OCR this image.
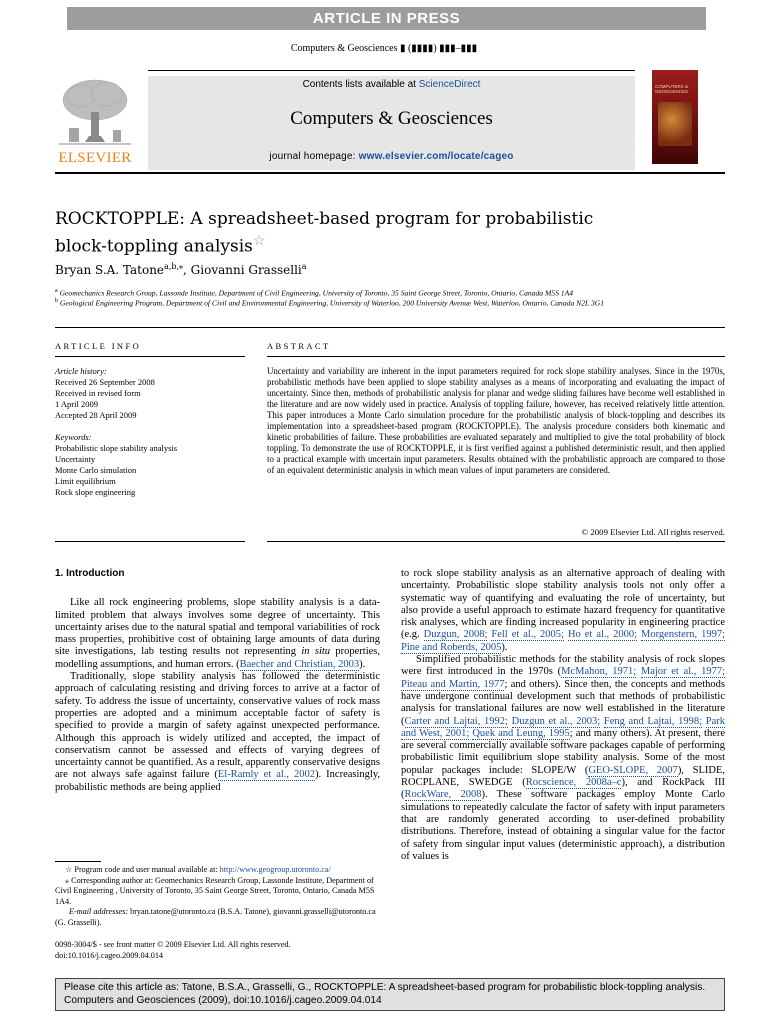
ARTICLE IN PRESS
Computers & Geosciences ▮ (▮▮▮▮) ▮▮▮–▮▮▮
ELSEVIER
Contents lists available at ScienceDirect
Computers & Geosciences
journal homepage: www.elsevier.com/locate/cageo
COMPUTERS & GEOSCIENCES
ROCKTOPPLE: A spreadsheet-based program for probabilistic
block-toppling analysis☆
Bryan S.A. Tatone$^{a,b,⁎}$, Giovanni Grasselli$^a$
$^a$ Geomechanics Research Group, Lassonde Institute, Department of Civil Engineering, University of Toronto, 35 Saint George Street, Toronto, Ontario, Canada M5S 1A4
$^b$ Geological Engineering Program, Department of Civil and Environmental Engineering, University of Waterloo, 200 University Avenue West, Waterloo, Ontario, Canada N2L 3G1
ARTICLE INFO	ABSTRACT
Article history:
Received 26 September 2008
Received in revised form
1 April 2009
Accepted 28 April 2009
Keywords:
Probabilistic slope stability analysis
Uncertainty
Monte Carlo simulation
Limit equilibrium
Rock slope engineering
Uncertainty and variability are inherent in the input parameters required for rock slope stability analyses. Since in the 1970s, probabilistic methods have been applied to slope stability analyses as a means of incorporating and evaluating the impact of uncertainty. Since then, methods of probabilistic analysis for planar and wedge sliding failures have become well established in the literature and are now widely used in practice. Analysis of toppling failure, however, has received relatively little attention. This paper introduces a Monte Carlo simulation procedure for the probabilistic analysis of block-toppling and describes its implementation into a spreadsheet-based program (ROCKTOPPLE). The analysis procedure considers both kinematic and kinetic probabilities of failure. These probabilities are evaluated separately and multiplied to give the total probability of block toppling. To demonstrate the use of ROCKTOPPLE, it is first verified against a published deterministic result, and then applied to a practical example with uncertain input parameters. Results obtained with the probabilistic approach are compared to those of an equivalent deterministic analysis in which mean values of input parameters are considered.
© 2009 Elsevier Ltd. All rights reserved.
1. Introduction
Like all rock engineering problems, slope stability analysis is a data-limited problem that always involves some degree of uncertainty. This uncertainty arises due to the natural spatial and temporal variabilities of rock mass properties, prohibitive cost of obtaining large amounts of data during site investigations, lab testing results not representing in situ properties, modelling assumptions, and human errors. (Baecher and Christian, 2003).
Traditionally, slope stability analysis has followed the deterministic approach of calculating resisting and driving forces to arrive at a factor of safety. To address the issue of uncertainty, conservative values of rock mass properties are adopted and a minimum acceptable factor of safety is specified to provide a margin of safety against unexpected performance. Although this approach is widely utilized and accepted, the impact of conservatism cannot be assessed and effects of varying degrees of uncertainty cannot be quantified. As a result, apparently conservative designs are not always safe against failure (El-Ramly et al., 2002). Increasingly, probabilistic methods are being applied
to rock slope stability analysis as an alternative approach of dealing with uncertainty. Probabilistic slope stability analysis tools not only offer a systematic way of quantifying and evaluating the role of uncertainty, but also provide a useful approach to estimate hazard frequency for quantitative risk analyses, which are finding increased popularity in engineering practice (e.g. Duzgun, 2008; Fell et al., 2005; Ho et al., 2000; Morgenstern, 1997; Pine and Roberds, 2005).
Simplified probabilistic methods for the stability analysis of rock slopes were first introduced in the 1970s (McMahon, 1971; Major et al., 1977; Piteau and Martin, 1977; and others). Since then, the concepts and methods have undergone continual development such that methods of probabilistic analysis for translational failures are now well established in the literature (Carter and Lajtai, 1992; Duzgun et al., 2003; Feng and Lajtai, 1998; Park and West, 2001; Quek and Leung, 1995; and many others). At present, there are several commercially available software packages capable of performing probabilistic limit equilibrium slope stability analysis. Some of the most popular packages include: SLOPE/W (GEO-SLOPE, 2007), SLIDE, ROCPLANE, SWEDGE (Rocscience, 2008a–c), and RockPack III (RockWare, 2008). These software packages employ Monte Carlo simulations to repeatedly calculate the factor of safety with input parameters that are randomly generated according to user-defined probability distributions. Therefore, instead of obtaining a singular value for the factor of safety from singular input values (deterministic approach), a distribution of values is
☆ Program code and user manual available at: http://www.geogroup.utoronto.ca/
⁎ Corresponding author at: Geomechanics Research Group, Lassonde Institute, Department of Civil Engineering , University of Toronto, 35 Saint George Street, Toronto, Ontario, Canada M5S 1A4.
E-mail addresses: bryan.tatone@utoronto.ca (B.S.A. Tatone), giovanni.grasselli@utoronto.ca (G. Grasselli).
0098-3004/$ - see front matter © 2009 Elsevier Ltd. All rights reserved.
doi:10.1016/j.cageo.2009.04.014
Please cite this article as: Tatone, B.S.A., Grasselli, G., ROCKTOPPLE: A spreadsheet-based program for probabilistic block-toppling analysis. Computers and Geosciences (2009), doi:10.1016/j.cageo.2009.04.014
